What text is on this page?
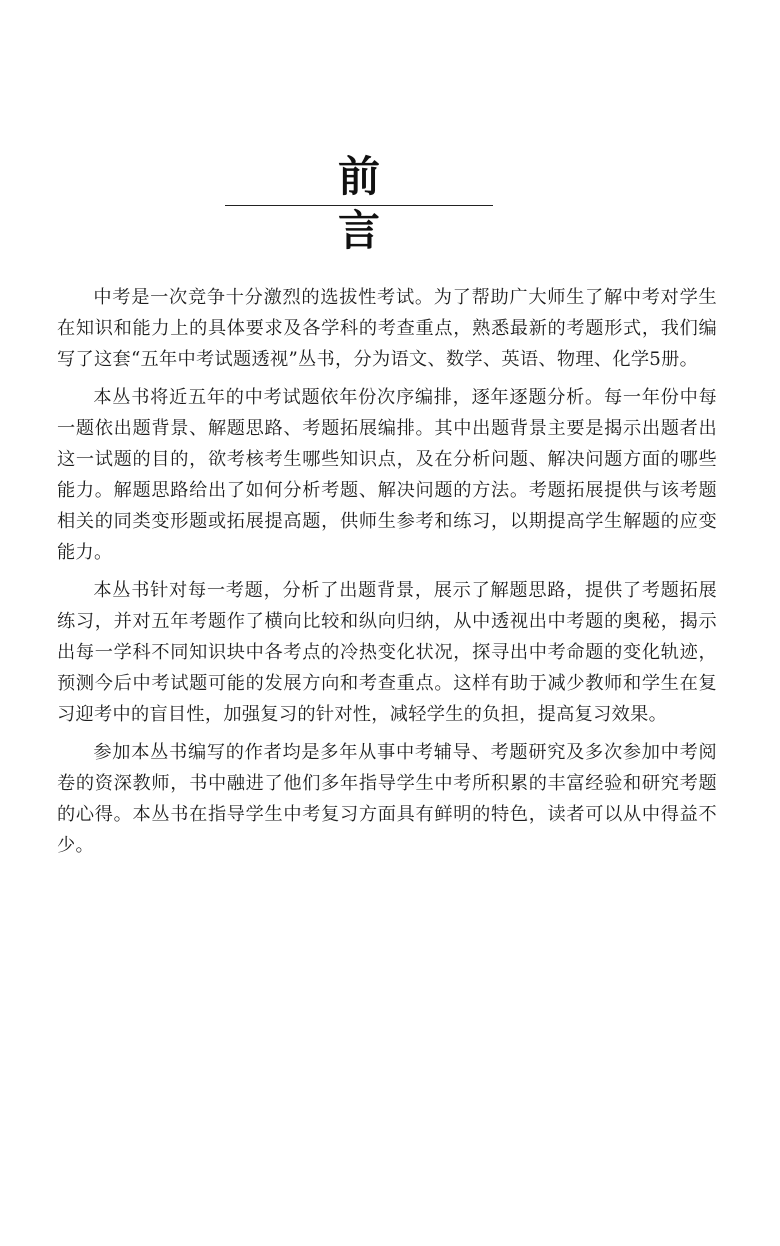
前言

中考是一次竞争十分激烈的选拔性考试。为了帮助广大师生了解中考对学生在知识和能力上的具体要求及各学科的考查重点，熟悉最新的考题形式，我们编写了这套“五年中考试题透视”丛书，分为语文、数学、英语、物理、化学5册。

本丛书将近五年的中考试题依年份次序编排，逐年逐题分析。每一年份中每一题依出题背景、解题思路、考题拓展编排。其中出题背景主要是揭示出题者出这一试题的目的，欲考核考生哪些知识点，及在分析问题、解决问题方面的哪些能力。解题思路给出了如何分析考题、解决问题的方法。考题拓展提供与该考题相关的同类变形题或拓展提高题，供师生参考和练习，以期提高学生解题的应变能力。

本丛书针对每一考题，分析了出题背景，展示了解题思路，提供了考题拓展练习，并对五年考题作了横向比较和纵向归纳，从中透视出中考题的奥秘，揭示出每一学科不同知识块中各考点的冷热变化状况，探寻出中考命题的变化轨迹，预测今后中考试题可能的发展方向和考查重点。这样有助于减少教师和学生在复习迎考中的盲目性，加强复习的针对性，减轻学生的负担，提高复习效果。

参加本丛书编写的作者均是多年从事中考辅导、考题研究及多次参加中考阅卷的资深教师，书中融进了他们多年指导学生中考所积累的丰富经验和研究考题的心得。本丛书在指导学生中考复习方面具有鲜明的特色，读者可以从中得益不少。
